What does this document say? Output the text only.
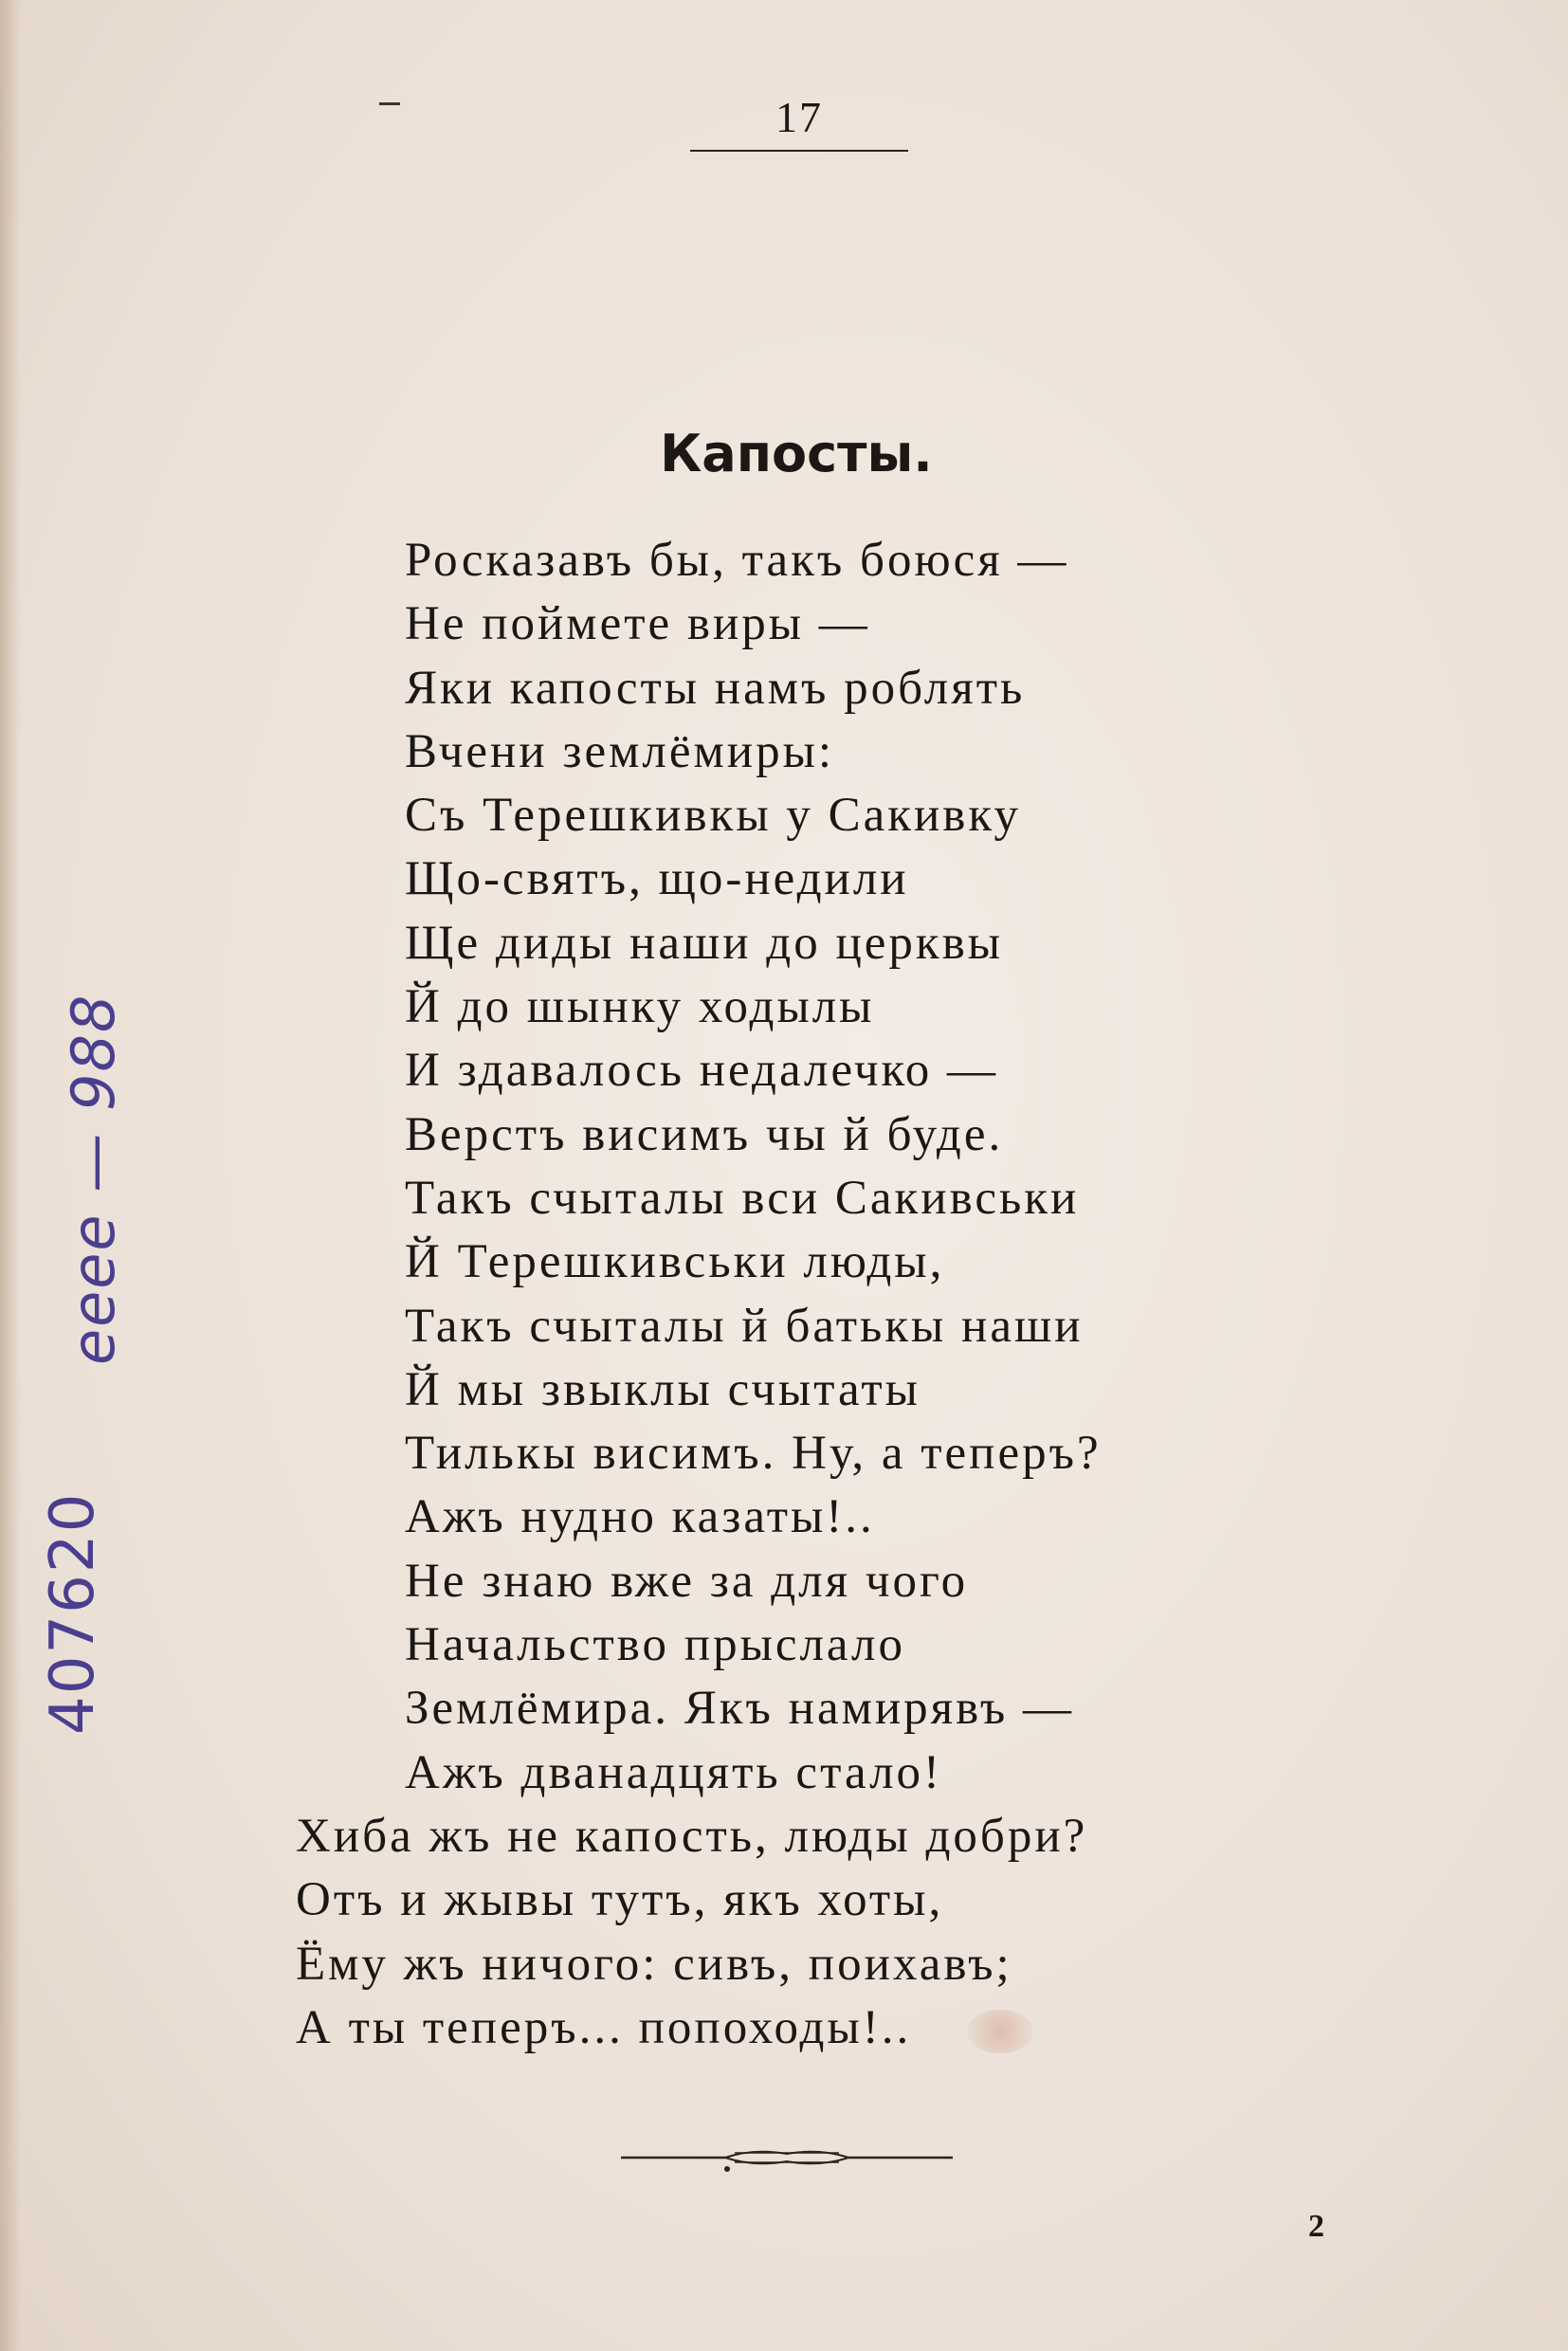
17
Капосты.
Росказавъ бы, такъ боюся —
Не поймете виры —
Яки капосты намъ роблять
Вчени землёмиры:
Съ Терешкивкы у Сакивку
Що-святъ, що-недили
Ще диды наши до церквы
Й до шынку ходылы
И здавалось недалечко —
Верстъ висимъ чы й буде.
Такъ счыталы вси Сакивськи
Й Терешкивськи люды,
Такъ счыталы й батькы наши
Й мы звыклы счытаты
Тилькы висимъ. Ну, а теперъ?
Ажъ нудно казаты!..
Не знаю вже за для чого
Начальство прыслало
Землёмира. Якъ намирявъ —
Ажъ дванадцять стало!
Хиба жъ не капость, люды добри?
Отъ и жывы тутъ, якъ хоты,
Ёму жъ ничого: сивъ, поихавъ;
А ты теперъ... попоходы!..
2
ееее — 988
407620
